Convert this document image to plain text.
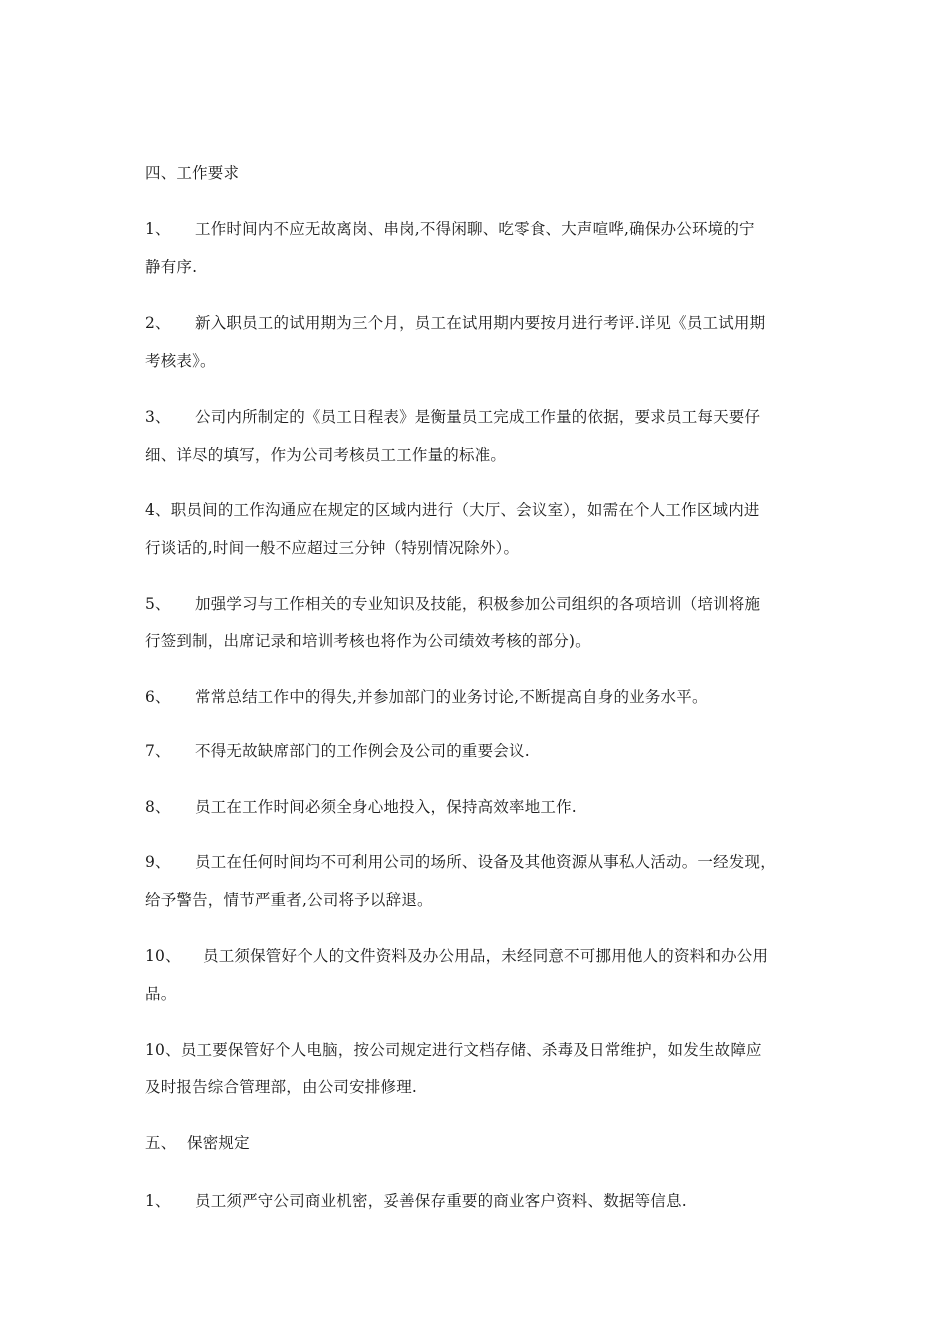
四、工作要求
1、 工作时间内不应无故离岗、串岗,不得闲聊、吃零食、大声喧哗,确保办公环境的宁
静有序.
2、 新入职员工的试用期为三个月，员工在试用期内要按月进行考评.详见《员工试用期
考核表》。
3、 公司内所制定的《员工日程表》是衡量员工完成工作量的依据，要求员工每天要仔
细、详尽的填写，作为公司考核员工工作量的标准。
4、职员间的工作沟通应在规定的区域内进行（大厅、会议室），如需在个人工作区域内进
行谈话的,时间一般不应超过三分钟（特别情况除外）。
5、 加强学习与工作相关的专业知识及技能，积极参加公司组织的各项培训（培训将施
行签到制，出席记录和培训考核也将作为公司绩效考核的部分)。
6、 常常总结工作中的得失,并参加部门的业务讨论,不断提高自身的业务水平。
7、 不得无故缺席部门的工作例会及公司的重要会议.
8、 员工在工作时间必须全身心地投入，保持高效率地工作.
9、 员工在任何时间均不可利用公司的场所、设备及其他资源从事私人活动。一经发现，
给予警告，情节严重者,公司将予以辞退。
10、 员工须保管好个人的文件资料及办公用品，未经同意不可挪用他人的资料和办公用
品。
10、员工要保管好个人电脑，按公司规定进行文档存储、杀毒及日常维护，如发生故障应
及时报告综合管理部，由公司安排修理.
五、 保密规定
1、 员工须严守公司商业机密，妥善保存重要的商业客户资料、数据等信息.
